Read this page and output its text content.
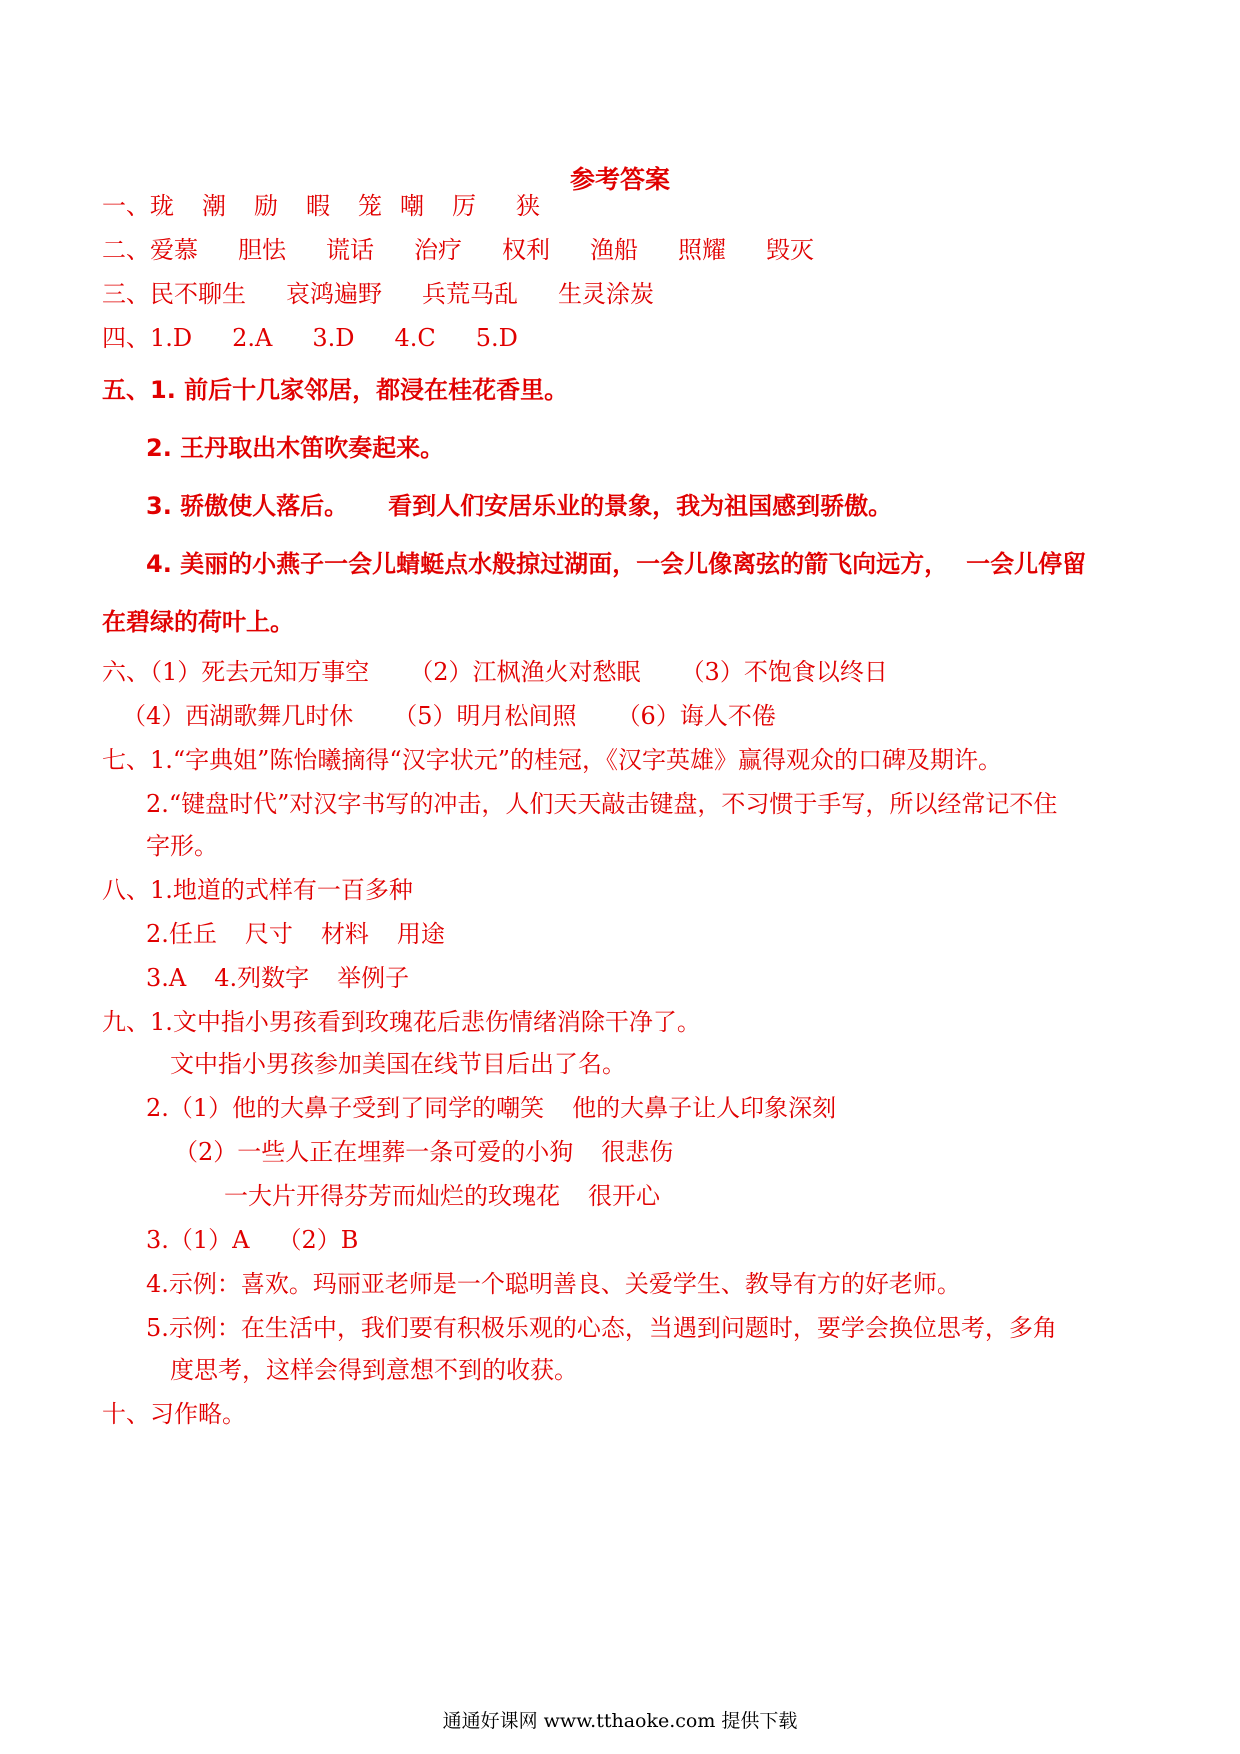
参考答案
一、珑 潮 励 暇 笼 嘲 厉 狭
二、爱慕 胆怯 谎话 治疗 权利 渔船 照耀 毁灭
三、民不聊生 哀鸿遍野 兵荒马乱 生灵涂炭
四、1.D 2.A 3.D 4.C 5.D
五、1. 前后十几家邻居，都浸在桂花香里。
2. 王丹取出木笛吹奏起来。
3. 骄傲使人落后。 看到人们安居乐业的景象，我为祖国感到骄傲。
4. 美丽的小燕子一会儿蜻蜓点水般掠过湖面，一会儿像离弦的箭飞向远方， 一会儿停留
在碧绿的荷叶上。
六、（1）死去元知万事空 （2）江枫渔火对愁眠 （3）不饱食以终日
（4）西湖歌舞几时休 （5）明月松间照 （6）诲人不倦
七、1.“字典姐”陈怡曦摘得“汉字状元”的桂冠，《汉字英雄》赢得观众的口碑及期许。
2.“键盘时代”对汉字书写的冲击，人们天天敲击键盘，不习惯于手写，所以经常记不住
字形。
八、1.地道的式样有一百多种
2.任丘 尺寸 材料 用途
3.A 4.列数字 举例子
九、1.文中指小男孩看到玫瑰花后悲伤情绪消除干净了。
文中指小男孩参加美国在线节目后出了名。
2.（1）他的大鼻子受到了同学的嘲笑 他的大鼻子让人印象深刻
（2）一些人正在埋葬一条可爱的小狗 很悲伤
一大片开得芬芳而灿烂的玫瑰花 很开心
3.（1）A （2）B
4.示例：喜欢。玛丽亚老师是一个聪明善良、关爱学生、教导有方的好老师。
5.示例：在生活中，我们要有积极乐观的心态，当遇到问题时，要学会换位思考，多角
度思考，这样会得到意想不到的收获。
十、习作略。
通通好课网 www.tthaoke.com 提供下载
